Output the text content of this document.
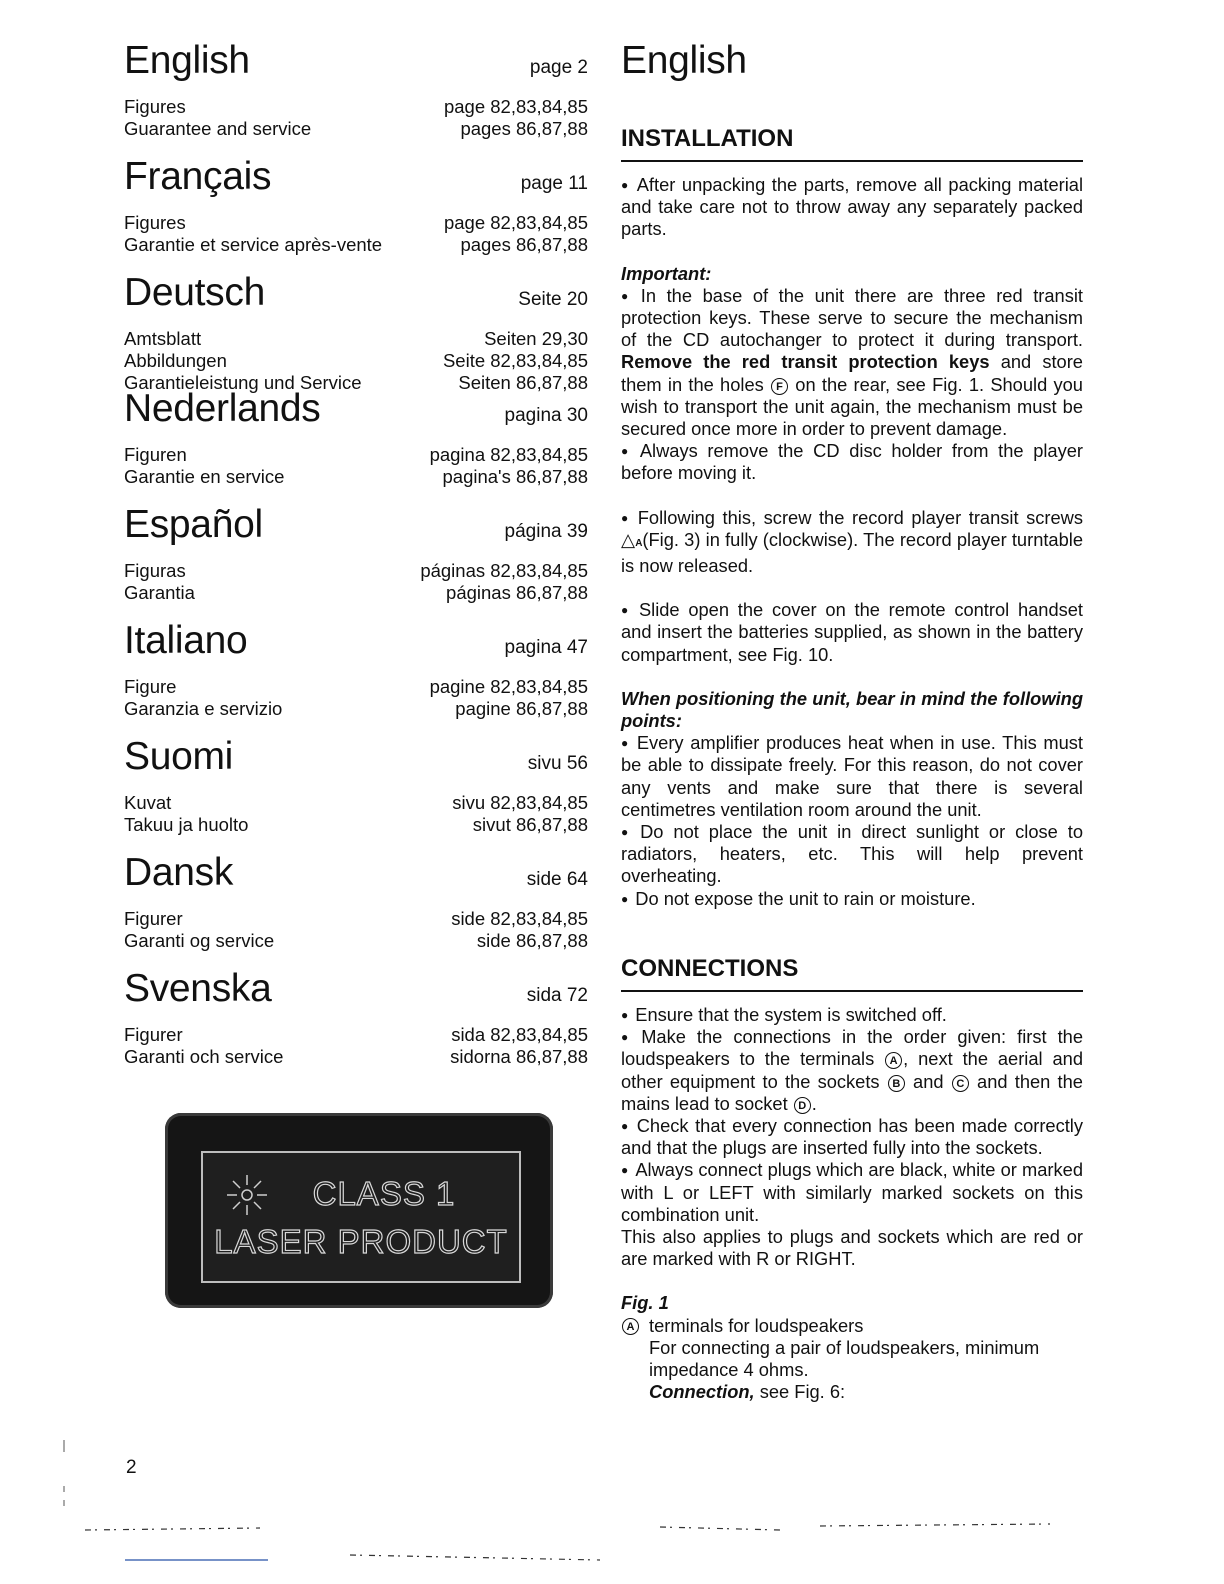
English	page 2
Figures	page 82,83,84,85
Guarantee and service	pages 86,87,88
Français	page 11
Figures	page 82,83,84,85
Garantie et service après-vente	pages 86,87,88
Deutsch	Seite 20
Amtsblatt	Seiten 29,30
Abbildungen	Seite 82,83,84,85
Garantieleistung und Service	Seiten 86,87,88
Nederlands	pagina 30
Figuren	pagina 82,83,84,85
Garantie en service	pagina's 86,87,88
Español	página 39
Figuras	páginas 82,83,84,85
Garantia	páginas 86,87,88
Italiano	pagina 47
Figure	pagine 82,83,84,85
Garanzia e servizio	pagine 86,87,88
Suomi	sivu 56
Kuvat	sivu 82,83,84,85
Takuu ja huolto	sivut 86,87,88
Dansk	side 64
Figurer	side 82,83,84,85
Garanti og service	side 86,87,88
Svenska	sida 72
Figurer	sida 82,83,84,85
Garanti och service	sidorna 86,87,88
CLASS 1
LASER PRODUCT
English
INSTALLATION

● After unpacking the parts, remove all packing material and take care not to throw away any separately packed parts.

Important:

● In the base of the unit there are three red transit protection keys. These serve to secure the mechanism of the CD autochanger to protect it during transport. Remove the red transit protection keys and store them in the holes F on the rear, see Fig. 1. Should you wish to transport the unit again, the mechanism must be secured once more in order to prevent damage.

● Always remove the CD disc holder from the player before moving it.

● Following this, screw the record player transit screws △A(Fig. 3) in fully (clockwise). The record player turntable is now released.

● Slide open the cover on the remote control handset and insert the batteries supplied, as shown in the battery compartment, see Fig. 10.

When positioning the unit, bear in mind the following points:

● Every amplifier produces heat when in use. This must be able to dissipate freely. For this reason, do not cover any vents and make sure that there is several centimetres ventilation room around the unit.

● Do not place the unit in direct sunlight or close to radiators, heaters, etc. This will help prevent overheating.

● Do not expose the unit to rain or moisture.

CONNECTIONS

● Ensure that the system is switched off.

● Make the connections in the order given: first the loudspeakers to the terminals A , next the aerial and other equipment to the sockets B and C and then the mains lead to socket D .

● Check that every connection has been made correctly and that the plugs are inserted fully into the sockets.

● Always connect plugs which are black, white or marked with L or LEFT with similarly marked sockets on this combination unit.

This also applies to plugs and sockets which are red or are marked with R or RIGHT.

Fig. 1

A terminals for loudspeakers
For connecting a pair of loudspeakers, minimum impedance 4 ohms.
Connection, see Fig. 6:
2
